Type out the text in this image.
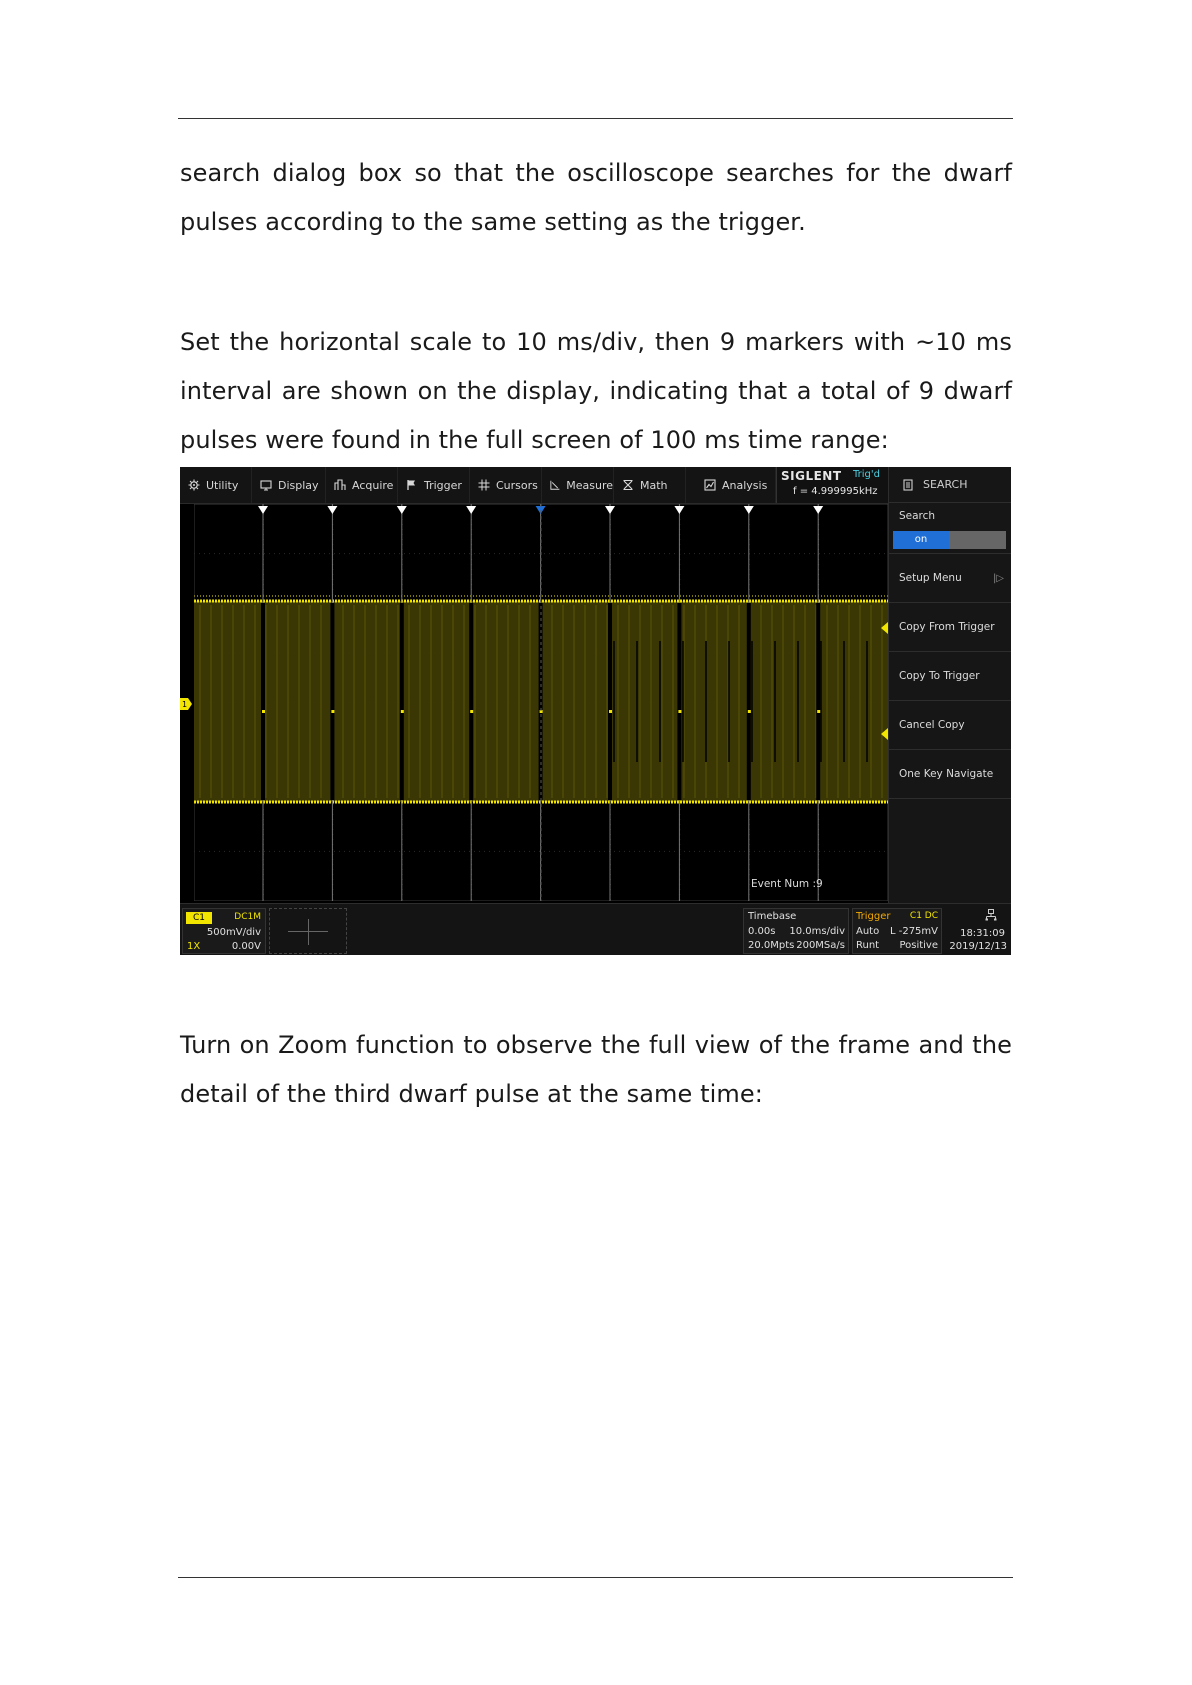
search dialog box so that the oscilloscope searches for the dwarf pulses according to the same setting as the trigger.
Set the horizontal scale to 10 ms/div, then 9 markers with ~10 ms interval are shown on the display, indicating that a total of 9 dwarf pulses were found in the full screen of 100 ms time range:
Utility	Display	Acquire	Trigger	Cursors	Measure Math	Analysis
SIGLENT Trig'd
f = 4.999995kHz
1
Event Num :9
SEARCH
Search
on
Setup Menu	|▷
Copy From Trigger
Copy To Trigger
Cancel Copy
One Key Navigate
C1	DC1M
500mV/div
1X	0.00V
Timebase
0.00s 10.0ms/div
20.0Mpts 200MSa/s
Trigger C1 DC
Auto L -275mV
Runt Positive
18:31:09
2019/12/13
Turn on Zoom function to observe the full view of the frame and the detail of the third dwarf pulse at the same time:
